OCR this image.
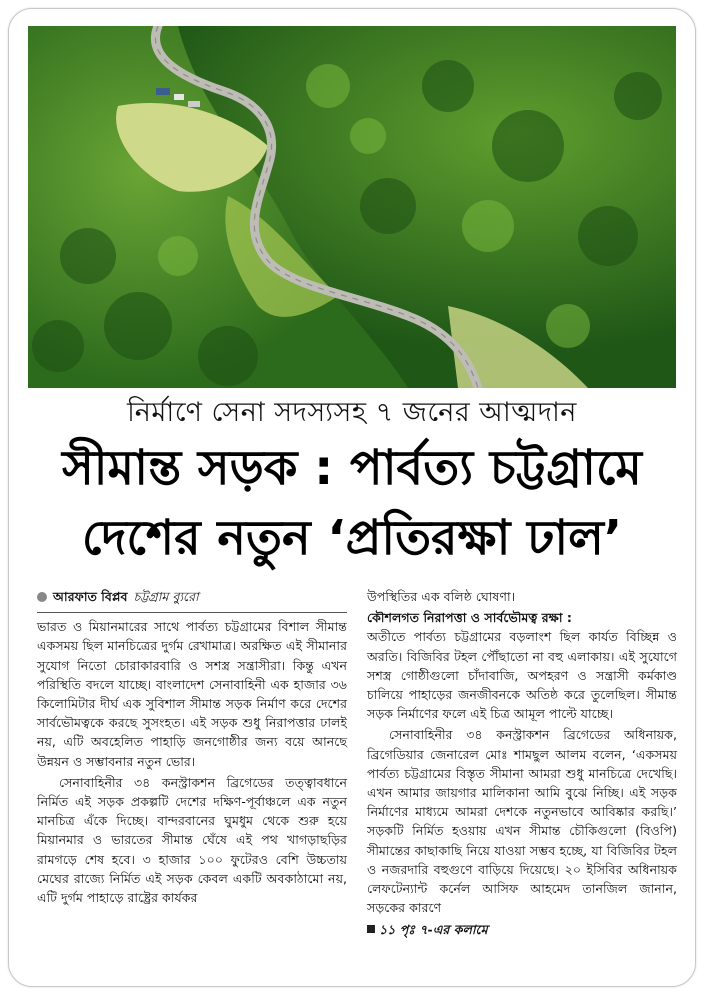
নির্মাণে সেনা সদস্যসহ ৭ জনের আত্মদান
সীমান্ত সড়ক : পার্বত্য চট্টগ্রামে
দেশের নতুন ‘প্রতিরক্ষা ঢাল’
আরফাত বিপ্লব চট্টগ্রাম ব্যুরো

ভারত ও মিয়ানমারের সাথে পার্বত্য চট্টগ্রামের বিশাল সীমান্ত একসময় ছিল মানচিত্রের দুর্গম রেখামাত্র। অরক্ষিত এই সীমানার সুযোগ নিতো চোরাকারবারি ও সশস্ত্র সন্ত্রাসীরা। কিন্তু এখন পরিস্থিতি বদলে যাচ্ছে। বাংলাদেশ সেনাবাহিনী এক হাজার ৩৬ কিলোমিটার দীর্ঘ এক সুবিশাল সীমান্ত সড়ক নির্মাণ করে দেশের সার্বভৌমত্বকে করছে সুসংহত। এই সড়ক শুধু নিরাপত্তার ঢালই নয়, এটি অবহেলিত পাহাড়ি জনগোষ্ঠীর জন্য বয়ে আনছে উন্নয়ন ও সম্ভাবনার নতুন ভোর।

সেনাবাহিনীর ৩৪ কনস্ট্রাকশন ব্রিগেডের তত্ত্বাবধানে নির্মিত এই সড়ক প্রকল্পটি দেশের দক্ষিণ-পূর্বাঞ্চলে এক নতুন মানচিত্র এঁকে দিচ্ছে। বান্দরবানের ঘুমধুম থেকে শুরু হয়ে মিয়ানমার ও ভারতের সীমান্ত ঘেঁষে এই পথ খাগড়াছড়ির রামগড়ে শেষ হবে। ৩ হাজার ১০০ ফুটেরও বেশি উচ্চতায় মেঘের রাজ্যে নির্মিত এই সড়ক কেবল একটি অবকাঠামো নয়, এটি দুর্গম পাহাড়ে রাষ্ট্রের কার্যকর

উপস্থিতির এক বলিষ্ঠ ঘোষণা।

কৌশলগত নিরাপত্তা ও সার্বভৌমত্ব রক্ষা :

অতীতে পার্বত্য চট্টগ্রামের বড়লাংশ ছিল কার্যত বিচ্ছিন্ন ও অরতি। বিজিবির টহল পৌঁছাতো না বহু এলাকায়। এই সুযোগে সশস্ত্র গোষ্ঠীগুলো চাঁদাবাজি, অপহরণ ও সন্ত্রাসী কর্মকাণ্ড চালিয়ে পাহাড়ের জনজীবনকে অতিষ্ঠ করে তুলেছিল। সীমান্ত সড়ক নির্মাণের ফলে এই চিত্র আমূল পাল্টে যাচ্ছে।

সেনাবাহিনীর ৩৪ কনস্ট্রাকশন ব্রিগেডের অধিনায়ক, ব্রিগেডিয়ার জেনারেল মোঃ শামছুল আলম বলেন, ‘একসময় পার্বত্য চট্টগ্রামের বিস্তৃত সীমানা আমরা শুধু মানচিত্রে দেখেছি। এখন আমার জায়গার মালিকানা আমি বুঝে নিচ্ছি। এই সড়ক নির্মাণের মাধ্যমে আমরা দেশকে নতুনভাবে আবিষ্কার করছি।’ সড়কটি নির্মিত হওয়ায় এখন সীমান্ত চৌকিগুলো (বিওপি) সীমান্তের কাছাকাছি নিয়ে যাওয়া সম্ভব হচ্ছে, যা বিজিবির টহল ও নজরদারি বহুগুণে বাড়িয়ে দিয়েছে। ২০ ইসিবির অধিনায়ক লেফটেন্যান্ট কর্নেল আসিফ আহমেদ তানজিল জানান, সড়কের কারণে

১১ পৃঃ ৭-এর কলামে
